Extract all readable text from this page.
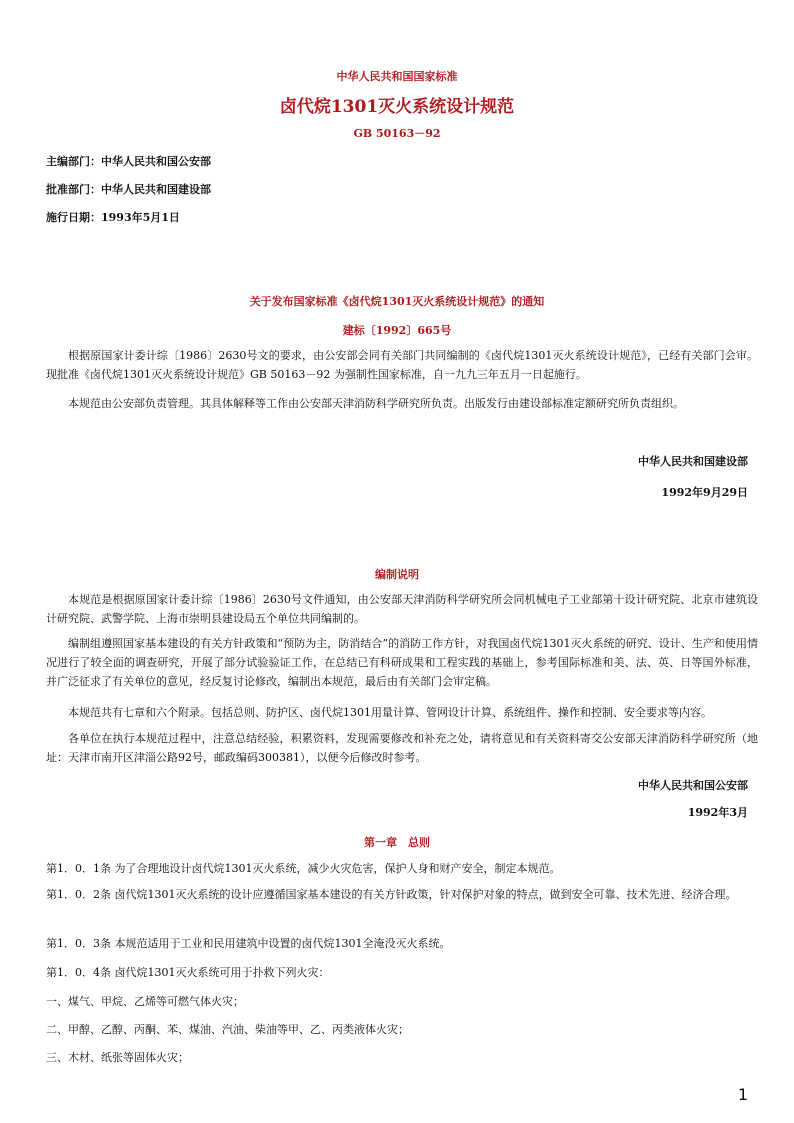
中华人民共和国国家标准
卤代烷1301灭火系统设计规范
GB 50163－92
主编部门：中华人民共和国公安部
批准部门：中华人民共和国建设部
施行日期：1993年5月1日
关于发布国家标准《卤代烷1301灭火系统设计规范》的通知
建标〔1992〕665号
根据原国家计委计综〔1986〕2630号文的要求，由公安部会同有关部门共同编制的《卤代烷1301灭火系统设计规范》，已经有关部门会审。现批准《卤代烷1301灭火系统设计规范》GB 50163－92 为强制性国家标准，自一九九三年五月一日起施行。
本规范由公安部负责管理。其具体解释等工作由公安部天津消防科学研究所负责。出版发行由建设部标准定额研究所负责组织。
中华人民共和国建设部
1992年9月29日
编制说明
本规范是根据原国家计委计综〔1986〕2630号文件通知，由公安部天津消防科学研究所会同机械电子工业部第十设计研究院、北京市建筑设计研究院、武警学院、上海市崇明县建设局五个单位共同编制的。
编制组遵照国家基本建设的有关方针政策和“预防为主，防消结合”的消防工作方针，对我国卤代烷1301灭火系统的研究、设计、生产和使用情况进行了较全面的调查研究，开展了部分试验验证工作，在总结已有科研成果和工程实践的基础上，参考国际标准和美、法、英、日等国外标准，并广泛征求了有关单位的意见，经反复讨论修改，编制出本规范，最后由有关部门会审定稿。
本规范共有七章和六个附录。包括总则、防护区、卤代烷1301用量计算、管网设计计算、系统组件、操作和控制、安全要求等内容。
各单位在执行本规范过程中，注意总结经验，积累资料，发现需要修改和补充之处，请将意见和有关资料寄交公安部天津消防科学研究所（地址：天津市南开区津淄公路92号，邮政编码300381），以便今后修改时参考。
中华人民共和国公安部
1992年3月
第一章　总则
第1．0．1条 为了合理地设计卤代烷1301灭火系统，减少火灾危害，保护人身和财产安全，制定本规范。
第1．0．2条 卤代烷1301灭火系统的设计应遵循国家基本建设的有关方针政策，针对保护对象的特点，做到安全可靠、技术先进、经济合理。
第1．0．3条 本规范适用于工业和民用建筑中设置的卤代烷1301全淹没灭火系统。
第1．0．4条 卤代烷1301灭火系统可用于扑救下列火灾：
一、煤气、甲烷、乙烯等可燃气体火灾；
二、甲醇、乙醇、丙酮、苯、煤油、汽油、柴油等甲、乙、丙类液体火灾；
三、木材、纸张等固体火灾；
1
